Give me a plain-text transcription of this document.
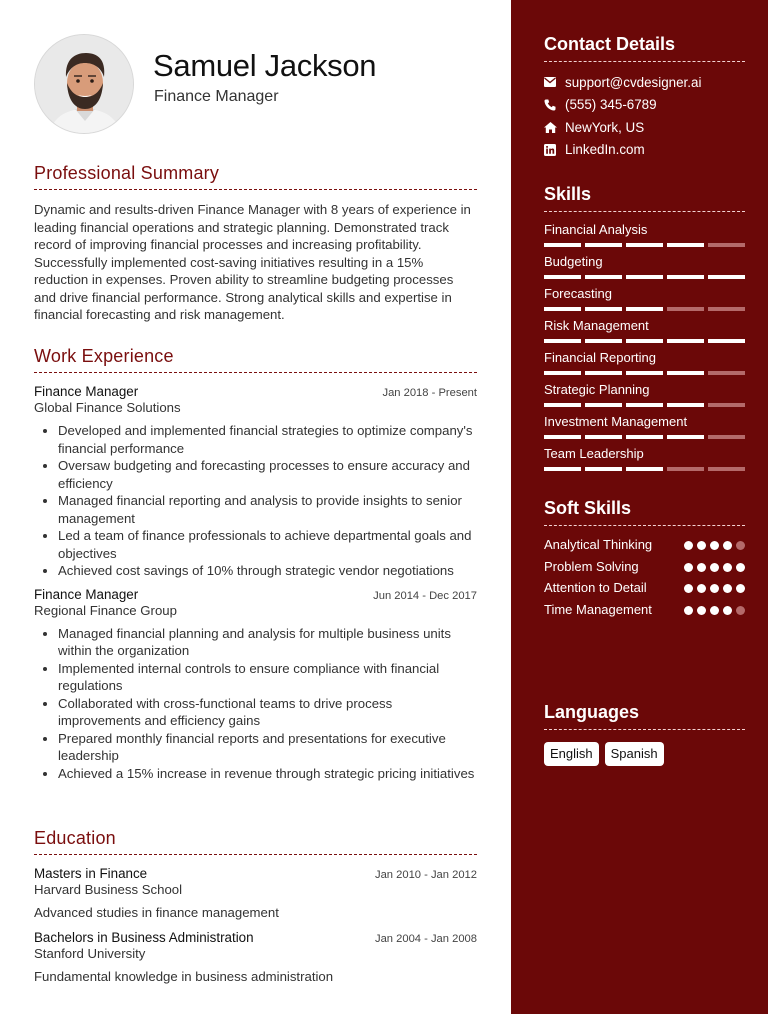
Samuel Jackson
Finance Manager
Professional Summary

Dynamic and results-driven Finance Manager with 8 years of experience in leading financial operations and strategic planning. Demonstrated track record of improving financial processes and increasing profitability. Successfully implemented cost-saving initiatives resulting in a 15% reduction in expenses. Proven ability to streamline budgeting processes and drive financial performance. Strong analytical skills and expertise in financial forecasting and risk management.

Work Experience
Finance Manager	Jan 2018 - Present
Global Finance Solutions
• Developed and implemented financial strategies to optimize company's financial performance
• Oversaw budgeting and forecasting processes to ensure accuracy and efficiency
• Managed financial reporting and analysis to provide insights to senior management
• Led a team of finance professionals to achieve departmental goals and objectives
• Achieved cost savings of 10% through strategic vendor negotiations
Finance Manager	Jun 2014 - Dec 2017
Regional Finance Group
• Managed financial planning and analysis for multiple business units within the organization
• Implemented internal controls to ensure compliance with financial regulations
• Collaborated with cross-functional teams to drive process improvements and efficiency gains
• Prepared monthly financial reports and presentations for executive leadership
• Achieved a 15% increase in revenue through strategic pricing initiatives
Education
Masters in Finance	Jan 2010 - Jan 2012
Harvard Business School
Advanced studies in finance management
Bachelors in Business Administration	Jan 2004 - Jan 2008
Stanford University
Fundamental knowledge in business administration
Contact Details
support@cvdesigner.ai
(555) 345-6789
NewYork, US
LinkedIn.com
Skills
Financial Analysis
Budgeting
Forecasting
Risk Management
Financial Reporting
Strategic Planning
Investment Management
Team Leadership
Soft Skills
Analytical Thinking
Problem Solving
Attention to Detail
Time Management
Languages
English	Spanish
